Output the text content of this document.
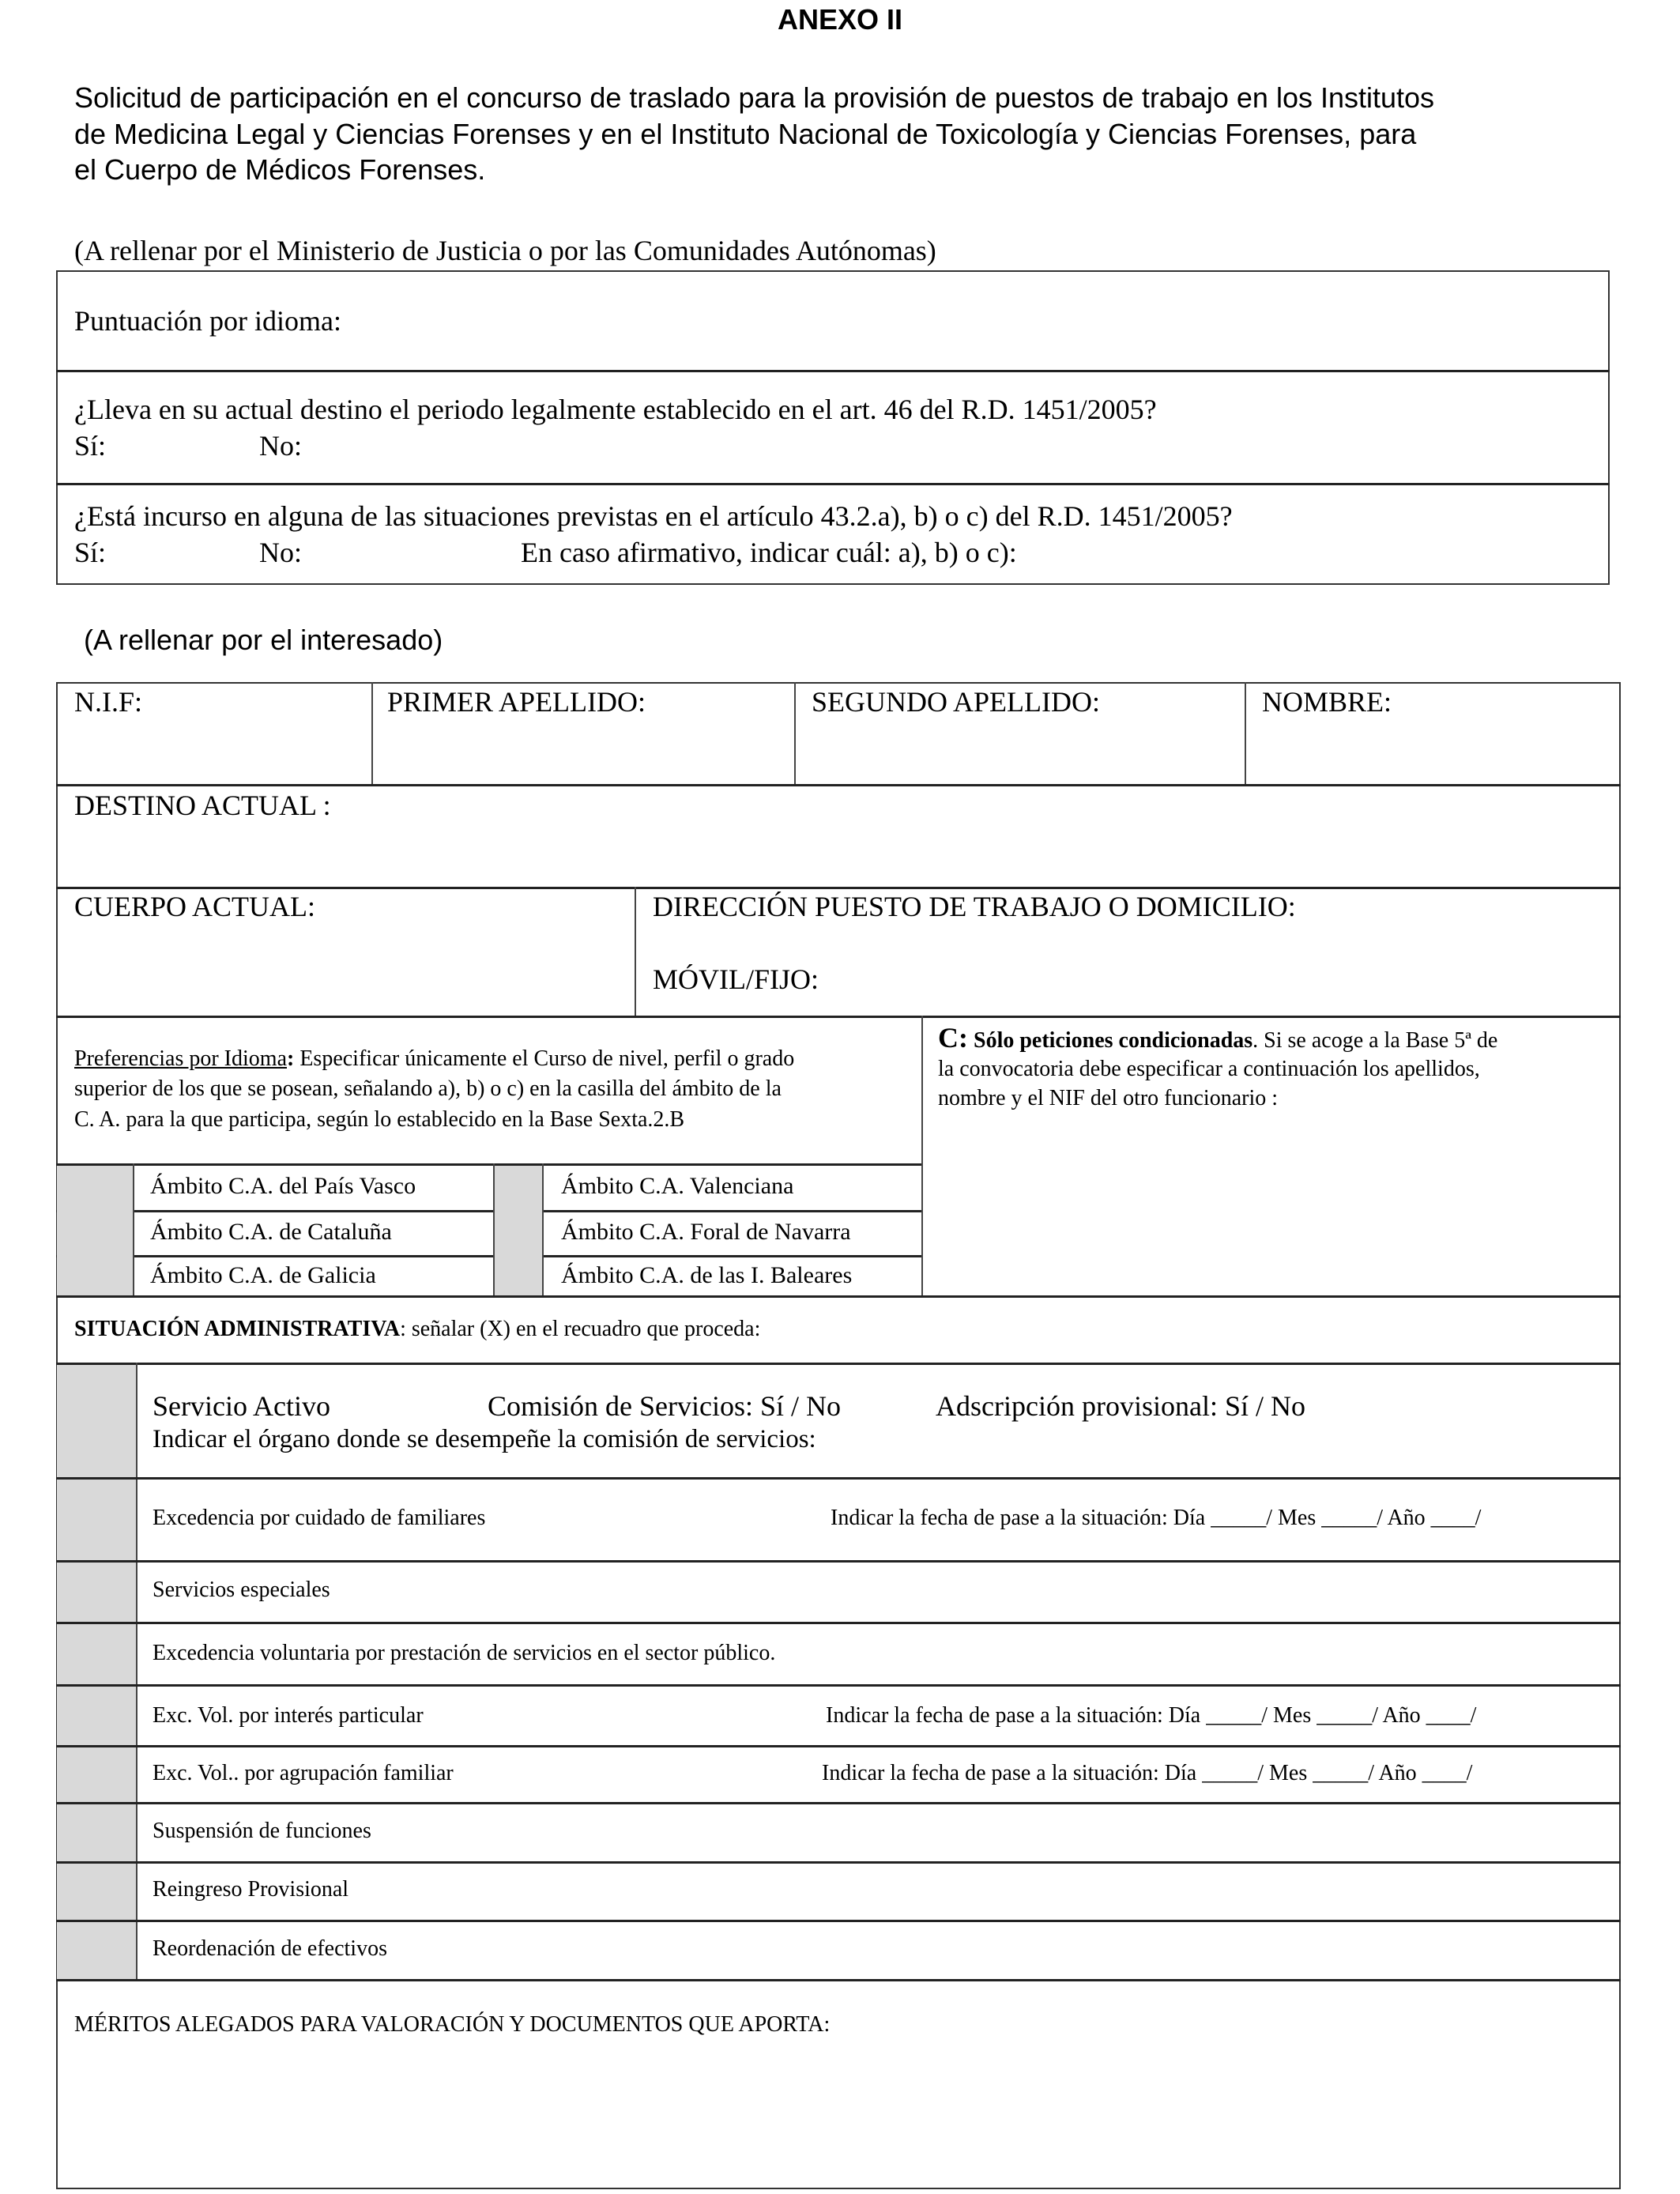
ANEXO II
Solicitud de participación en el concurso de traslado para la provisión de puestos de trabajo en los Institutos
de Medicina Legal y Ciencias Forenses y en el Instituto Nacional de Toxicología y Ciencias Forenses, para
el Cuerpo de Médicos Forenses.
(A rellenar por el Ministerio de Justicia o por las Comunidades Autónomas)
Puntuación por idioma:
¿Lleva en su actual destino el periodo legalmente establecido en el art. 46 del R.D. 1451/2005?
Sí:	No:
¿Está incurso en alguna de las situaciones previstas en el artículo 43.2.a), b) o c) del R.D. 1451/2005?
Sí:	No:	En caso afirmativo, indicar cuál: a), b) o c):
(A rellenar por el interesado)
N.I.F:	PRIMER APELLIDO:	SEGUNDO APELLIDO:	NOMBRE:
DESTINO ACTUAL :
CUERPO ACTUAL:	DIRECCIÓN PUESTO DE TRABAJO O DOMICILIO:
MÓVIL/FIJO:
Preferencias por Idioma: Especificar únicamente el Curso de nivel, perfil o grado
superior de los que se posean, señalando a), b) o c) en la casilla del ámbito de la
C. A. para la que participa, según lo establecido en la Base Sexta.2.B
C: Sólo peticiones condicionadas. Si se acoge a la Base 5ª de
la convocatoria debe especificar a continuación los apellidos,
nombre y el NIF del otro funcionario :
Ámbito C.A. del País Vasco	Ámbito C.A. Valenciana
Ámbito C.A. de Cataluña	Ámbito C.A. Foral de Navarra
Ámbito C.A. de Galicia	Ámbito C.A. de las I. Baleares
SITUACIÓN ADMINISTRATIVA: señalar (X) en el recuadro que proceda:
Servicio Activo	Comisión de Servicios: Sí / No	Adscripción provisional: Sí / No
Indicar el órgano donde se desempeñe la comisión de servicios:
Excedencia por cuidado de familiares	Indicar la fecha de pase a la situación: Día _____/ Mes _____/ Año ____/
Servicios especiales
Excedencia voluntaria por prestación de servicios en el sector público.
Exc. Vol. por interés particular	Indicar la fecha de pase a la situación: Día _____/ Mes _____/ Año ____/
Exc. Vol.. por agrupación familiar	Indicar la fecha de pase a la situación: Día _____/ Mes _____/ Año ____/
Suspensión de funciones
Reingreso Provisional
Reordenación de efectivos
MÉRITOS ALEGADOS PARA VALORACIÓN Y DOCUMENTOS QUE APORTA:
